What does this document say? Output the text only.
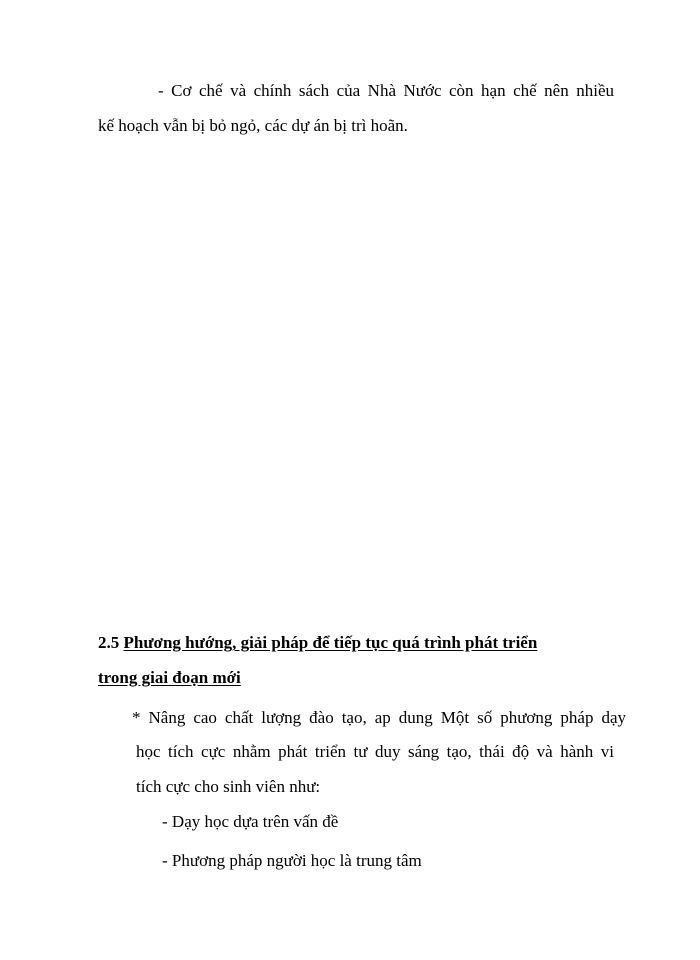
- Cơ chế và chính sách của Nhà Nước còn hạn chế nên nhiều
kế hoạch vẫn bị bỏ ngỏ, các dự án bị trì hoãn.
2.5 Phương hướng, giải pháp để tiếp tục quá trình phát triển
trong giai đoạn mới
* Nâng cao chất lượng đào tạo, ap dung Một số phương pháp dạy
học tích cực nhằm phát triển tư duy sáng tạo, thái độ và hành vi
tích cực cho sinh viên như:
- Dạy học dựa trên vấn đề
- Phương pháp người học là trung tâm
